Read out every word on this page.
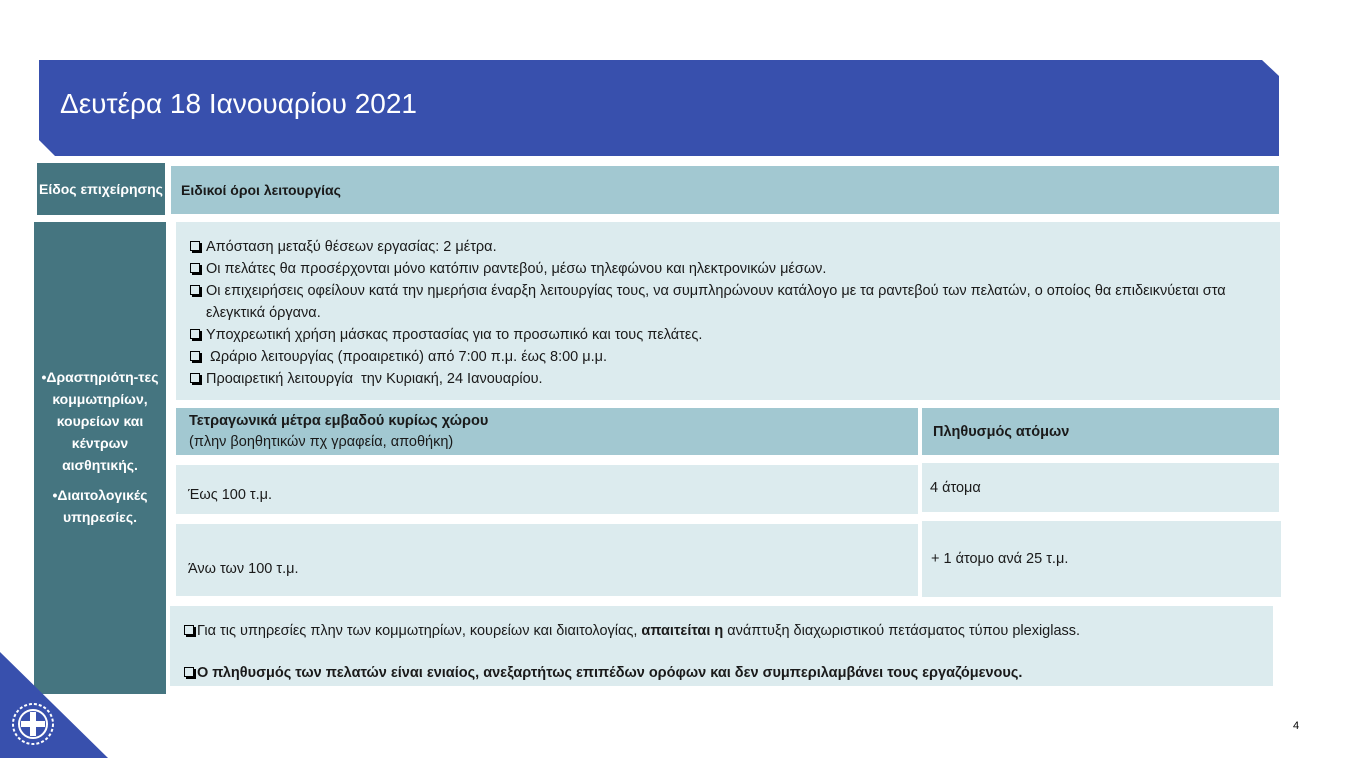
Δευτέρα 18 Ιανουαρίου 2021
Είδος επιχείρησης	Ειδικοί όροι λειτουργίας
•Δραστηριότη-τες κομμωτηρίων, κουρείων και κέντρων αισθητικής.
•Διαιτολογικές υπηρεσίες.
Απόσταση μεταξύ θέσεων εργασίας: 2 μέτρα.
Οι πελάτες θα προσέρχονται μόνο κατόπιν ραντεβού, μέσω τηλεφώνου και ηλεκτρονικών μέσων.
Οι επιχειρήσεις οφείλουν κατά την ημερήσια έναρξη λειτουργίας τους, να συμπληρώνουν κατάλογο με τα ραντεβού των πελατών, ο οποίος θα επιδεικνύεται στα ελεγκτικά όργανα.
Υποχρεωτική χρήση μάσκας προστασίας για το προσωπικό και τους πελάτες.
Ωράριο λειτουργίας (προαιρετικό) από 7:00 π.μ. έως 8:00 μ.μ.
Προαιρετική λειτουργία  την Κυριακή, 24 Ιανουαρίου.
Τετραγωνικά μέτρα εμβαδού κυρίως χώρου
(πλην βοηθητικών πχ γραφεία, αποθήκη)
Πληθυσμός ατόμων
Έως 100 τ.μ.	4 άτομα
Άνω των 100 τ.μ.
+ 1 άτομο ανά 25 τ.μ.
Για τις υπηρεσίες πλην των κομμωτηρίων, κουρείων και διαιτολογίας, απαιτείται η ανάπτυξη διαχωριστικού πετάσματος τύπου plexiglass.
Ο πληθυσμός των πελατών είναι ενιαίος, ανεξαρτήτως επιπέδων ορόφων και δεν συμπεριλαμβάνει τους εργαζόμενους.
4
